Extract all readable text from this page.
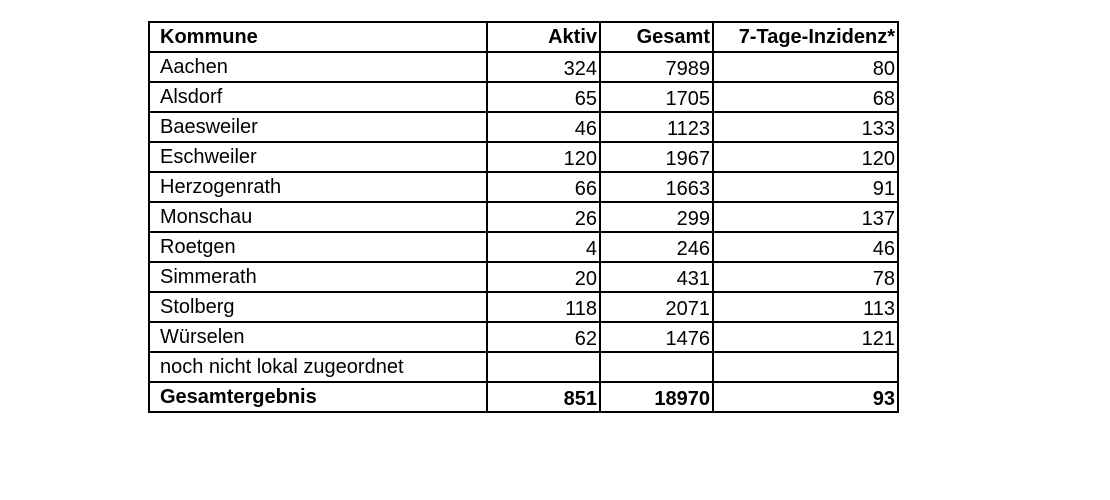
Kommune	Aktiv	Gesamt	7-Tage-Inzidenz*
Aachen	324	7989	80
Alsdorf	65	1705	68
Baesweiler	46	1123	133
Eschweiler	120	1967	120
Herzogenrath	66	1663	91
Monschau	26	299	137
Roetgen	4	246	46
Simmerath	20	431	78
Stolberg	118	2071	113
Würselen	62	1476	121
noch nicht lokal zugeordnet			
Gesamtergebnis	851	18970	93
